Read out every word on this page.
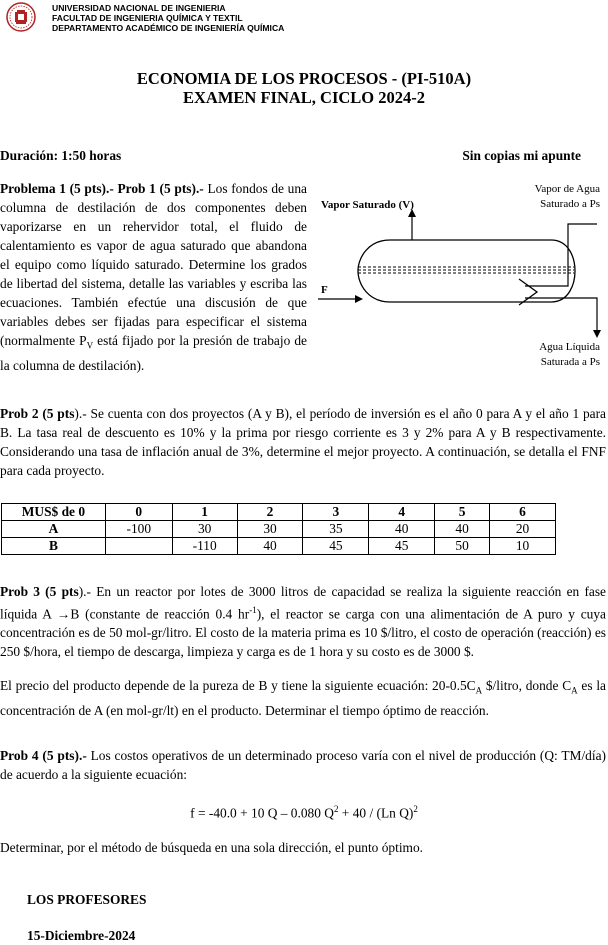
UNIVERSIDAD NACIONAL DE INGENIERIA
FACULTAD DE INGENIERIA QUÍMICA Y TEXTIL
DEPARTAMENTO ACADÉMICO DE INGENIERÍA QUÍMICA
ECONOMIA DE LOS PROCESOS - (PI-510A)
EXAMEN FINAL, CICLO 2024-2
Duración: 1:50 horas	Sin copias mi apunte
Problema 1 (5 pts).- Prob 1 (5 pts).- Los fondos de una columna de destilación de dos componentes deben vaporizarse en un rehervidor total, el fluido de calentamiento es vapor de agua saturado que abandona el equipo como líquido saturado. Determine los grados de libertad del sistema, detalle las variables y escriba las ecuaciones. También efectúe una discusión de que variables debes ser fijadas para especificar el sistema (normalmente $P_V$ está fijado por la presión de trabajo de la columna de destilación).
Vapor Saturado (V)
Vapor de Agua
Saturado a Ps
F
Agua Líquida
Saturada a Ps
Prob 2 (5 pts).- Se cuenta con dos proyectos (A y B), el período de inversión es el año 0 para A y el año 1 para B. La tasa real de descuento es 10% y la prima por riesgo corriente es 3 y 2% para A y B respectivamente. Considerando una tasa de inflación anual de 3%, determine el mejor proyecto. A continuación, se detalla el FNF para cada proyecto.
MUS$ de 0	0	1	2	3	4	5	6
A	-100	30	30	35	40	40	20
B		-110	40	45	45	50	10
Prob 3 (5 pts).- En un reactor por lotes de 3000 litros de capacidad se realiza la siguiente reacción en fase líquida A →B (constante de reacción 0.4 $hr^{-1}$), el reactor se carga con una alimentación de A puro y cuya concentración es de 50 mol-gr/litro. El costo de la materia prima es 10 $/litro, el costo de operación (reacción) es 250 $/hora, el tiempo de descarga, limpieza y carga es de 1 hora y su costo es de 3000 $.
El precio del producto depende de la pureza de B y tiene la siguiente ecuación: $20-0.5C_A$ $/litro, donde $C_A$ es la concentración de A (en mol-gr/lt) en el producto. Determinar el tiempo óptimo de reacción.
Prob 4 (5 pts).- Los costos operativos de un determinado proceso varía con el nivel de producción (Q: TM/día) de acuerdo a la siguiente ecuación:
f = -40.0 + 10 Q – 0.080 $Q^2 + 40 / (Ln$ Q)$^2$
Determinar, por el método de búsqueda en una sola dirección, el punto óptimo.
LOS PROFESORES
15-Diciembre-2024
